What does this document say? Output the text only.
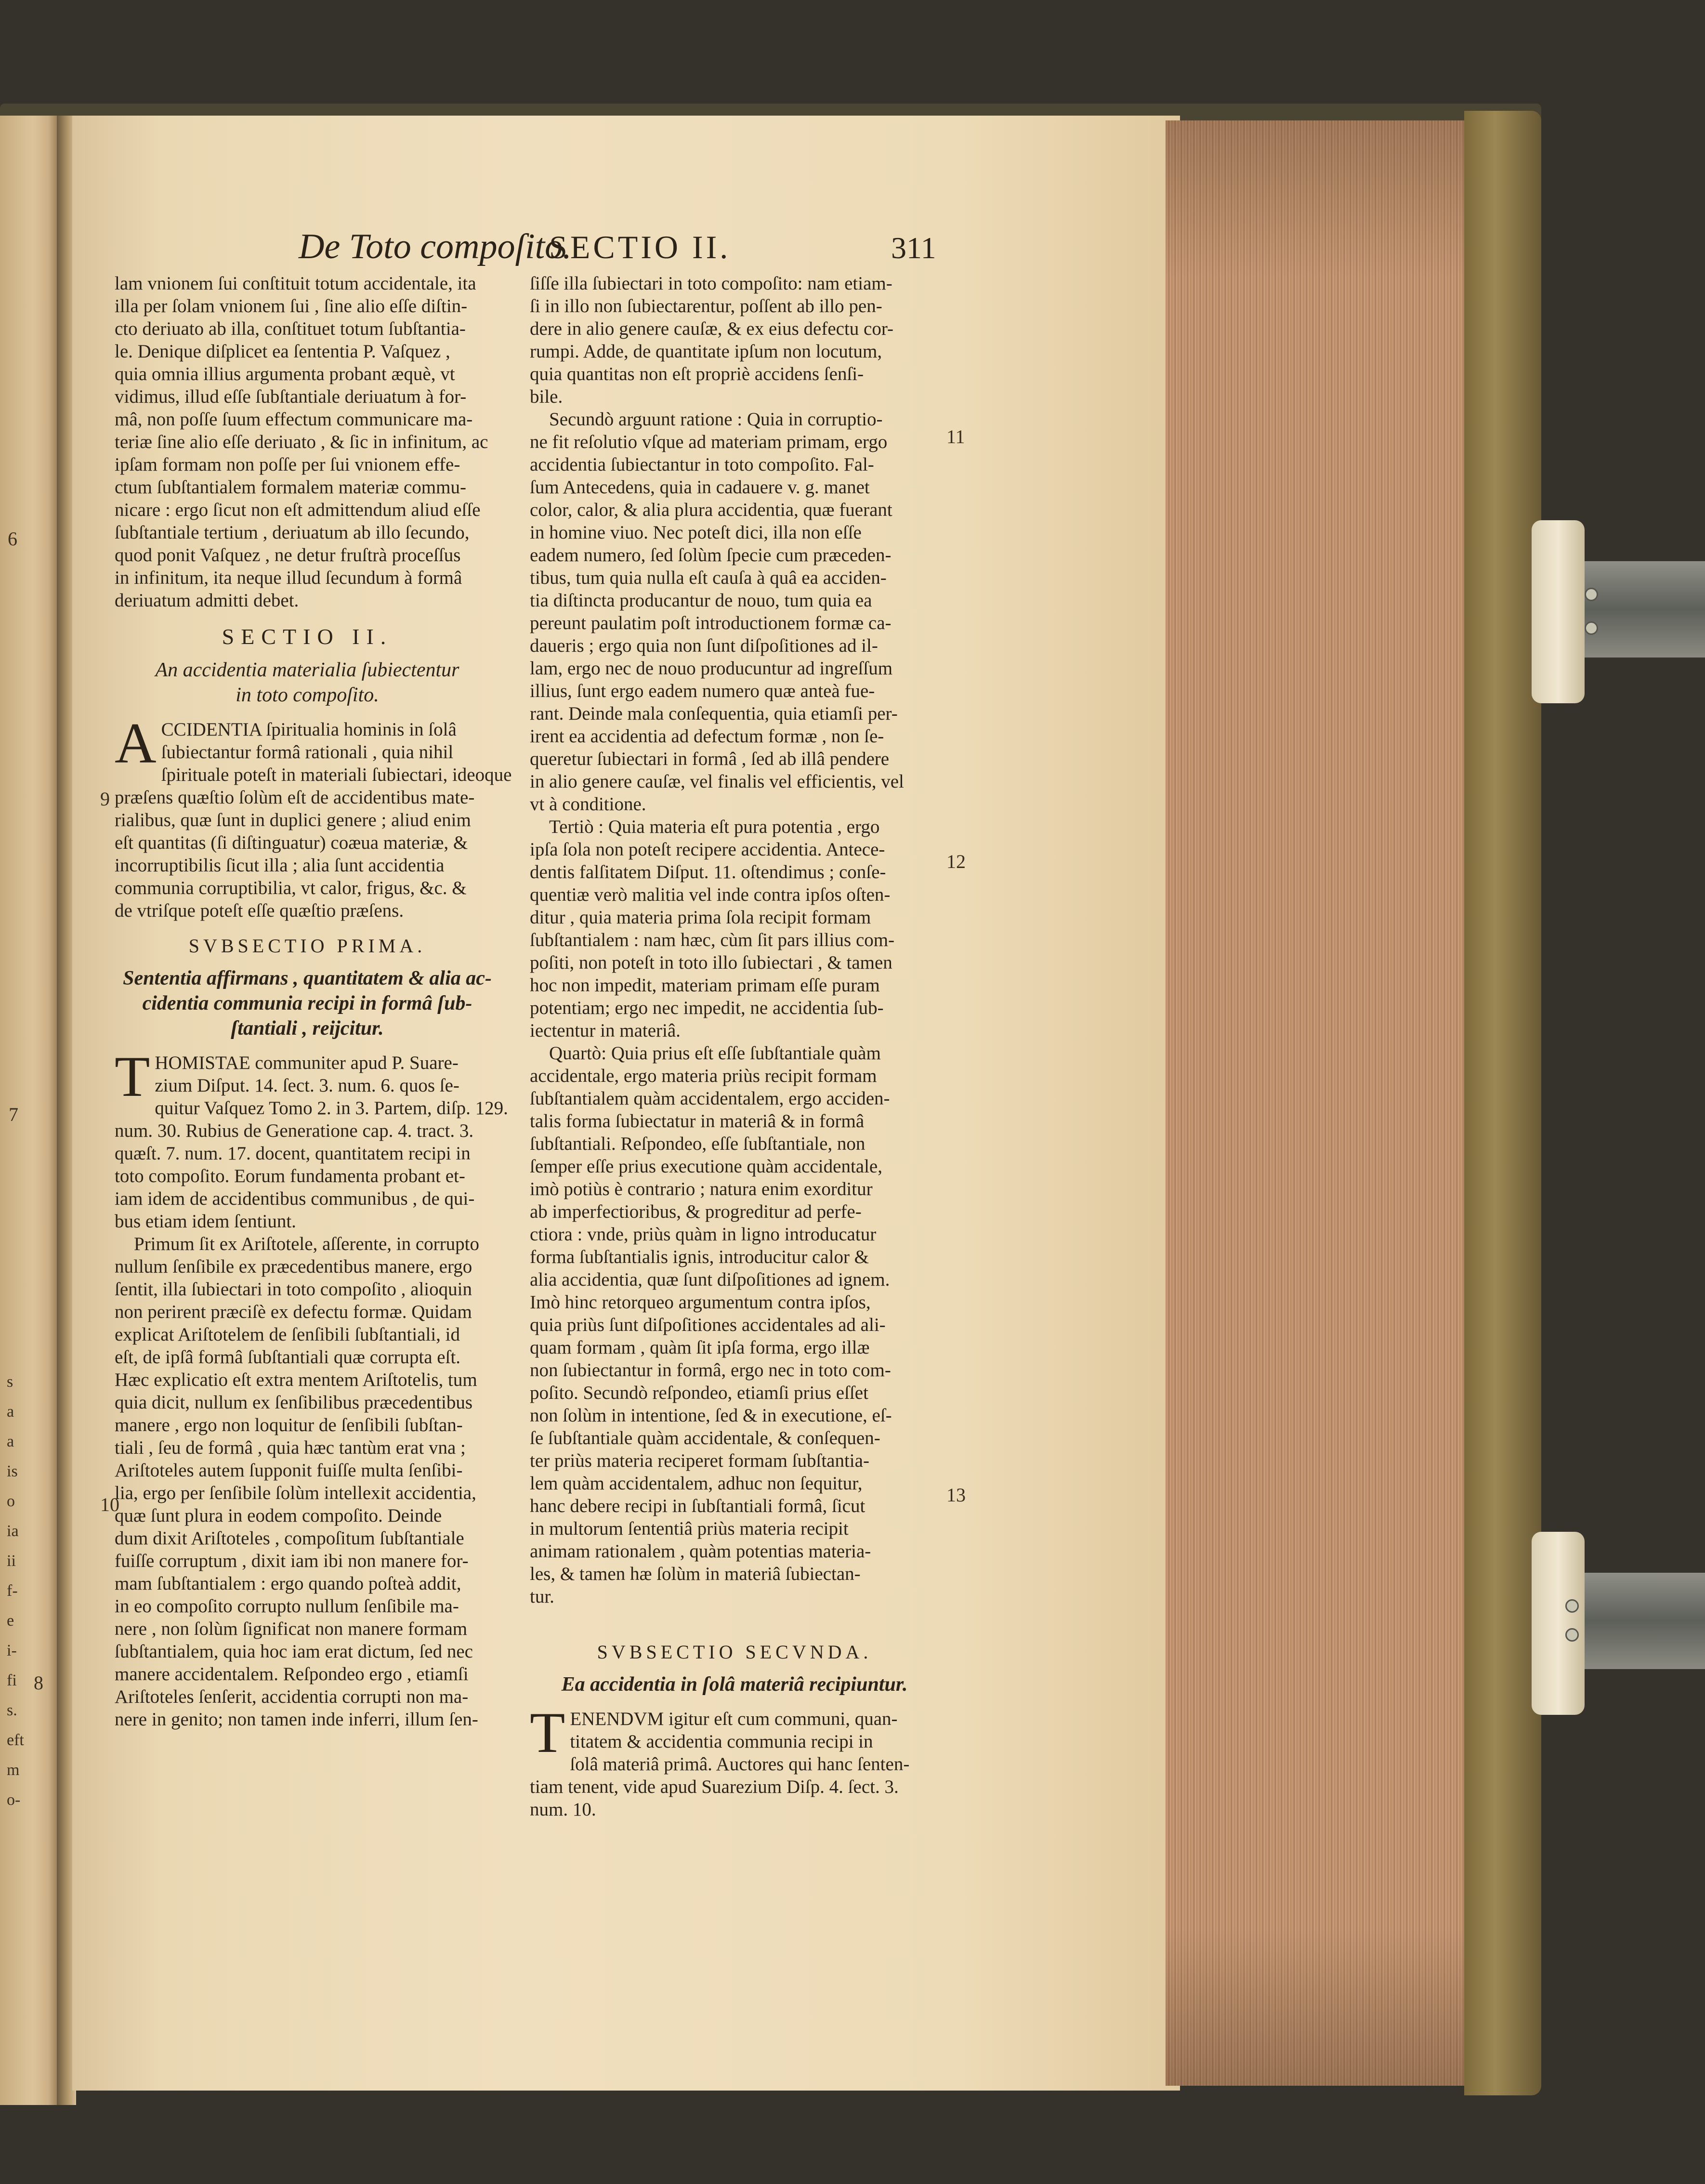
6
7
8
s
a
a
is
o
ia
ii
f-
e
i-
fi
s.
eft
m
o-
De Toto compoſito.
SECTIO II.	311
9
10
11
12
13
lam vnionem ſui conſtituit totum accidentale, ita
illa per ſolam vnionem ſui , ſine alio eſſe diſtin-
cto deriuato ab illa, conſtituet totum ſubſtantia-
le. Denique diſplicet ea ſententia P. Vaſquez ,
quia omnia illius argumenta probant æquè, vt
vidimus, illud eſſe ſubſtantiale deriuatum à for-
mâ, non poſſe ſuum effectum communicare ma-
teriæ ſine alio eſſe deriuato , & ſic in infinitum, ac
ipſam formam non poſſe per ſui vnionem effe-
ctum ſubſtantialem formalem materiæ commu-
nicare : ergo ſicut non eſt admittendum aliud eſſe
ſubſtantiale tertium , deriuatum ab illo ſecundo,
quod ponit Vaſquez , ne detur fruſtrà proceſſus
in infinitum, ita neque illud ſecundum à formâ
deriuatum admitti debet.
SECTIO II.
An accidentia materialia ſubiectentur
in toto compoſito.
A CCIDENTIA ſpiritualia hominis in ſolâ
ſubiectantur formâ rationali , quia nihil
ſpirituale poteſt in materiali ſubiectari, ideoque
præſens quæſtio ſolùm eſt de accidentibus mate-
rialibus, quæ ſunt in duplici genere ; aliud enim
eſt quantitas (ſi diſtinguatur) coæua materiæ, &
incorruptibilis ſicut illa ; alia ſunt accidentia
communia corruptibilia, vt calor, frigus, &c. &
de vtriſque poteſt eſſe quæſtio præſens.
SVBSECTIO PRIMA.
Sententia affirmans , quantitatem & alia ac-
cidentia communia recipi in formâ ſub-
ſtantiali , reijcitur.
T HOMISTAE communiter apud P. Suare-
zium Diſput. 14. ſect. 3. num. 6. quos ſe-
quitur Vaſquez Tomo 2. in 3. Partem, diſp. 129.
num. 30. Rubius de Generatione cap. 4. tract. 3.
quæſt. 7. num. 17. docent, quantitatem recipi in
toto compoſito. Eorum fundamenta probant et-
iam idem de accidentibus communibus , de qui-
bus etiam idem ſentiunt.
Primum ſit ex Ariſtotele, aſſerente, in corrupto
nullum ſenſibile ex præcedentibus manere, ergo
ſentit, illa ſubiectari in toto compoſito , alioquin
non perirent præciſè ex defectu formæ. Quidam
explicat Ariſtotelem de ſenſibili ſubſtantiali, id
eſt, de ipſâ formâ ſubſtantiali quæ corrupta eſt.
Hæc explicatio eſt extra mentem Ariſtotelis, tum
quia dicit, nullum ex ſenſibilibus præcedentibus
manere , ergo non loquitur de ſenſibili ſubſtan-
tiali , ſeu de formâ , quia hæc tantùm erat vna ;
Ariſtoteles autem ſupponit fuiſſe multa ſenſibi-
lia, ergo per ſenſibile ſolùm intellexit accidentia,
quæ ſunt plura in eodem compoſito. Deinde
dum dixit Ariſtoteles , compoſitum ſubſtantiale
fuiſſe corruptum , dixit iam ibi non manere for-
mam ſubſtantialem : ergo quando poſteà addit,
in eo compoſito corrupto nullum ſenſibile ma-
nere , non ſolùm ſignificat non manere formam
ſubſtantialem, quia hoc iam erat dictum, ſed nec
manere accidentalem. Reſpondeo ergo , etiamſi
Ariſtoteles ſenſerit, accidentia corrupti non ma-
nere in genito; non tamen inde inferri, illum ſen-
ſiſſe illa ſubiectari in toto compoſito: nam etiam-
ſi in illo non ſubiectarentur, poſſent ab illo pen-
dere in alio genere cauſæ, & ex eius defectu cor-
rumpi. Adde, de quantitate ipſum non locutum,
quia quantitas non eſt propriè accidens ſenſi-
bile.
Secundò arguunt ratione : Quia in corruptio-
ne fit reſolutio vſque ad materiam primam, ergo
accidentia ſubiectantur in toto compoſito. Fal-
ſum Antecedens, quia in cadauere v. g. manet
color, calor, & alia plura accidentia, quæ fuerant
in homine viuo. Nec poteſt dici, illa non eſſe
eadem numero, ſed ſolùm ſpecie cum præceden-
tibus, tum quia nulla eſt cauſa à quâ ea acciden-
tia diſtincta producantur de nouo, tum quia ea
pereunt paulatim poſt introductionem formæ ca-
daueris ; ergo quia non ſunt diſpoſitiones ad il-
lam, ergo nec de nouo producuntur ad ingreſſum
illius, ſunt ergo eadem numero quæ anteà fue-
rant. Deinde mala conſequentia, quia etiamſi per-
irent ea accidentia ad defectum formæ , non ſe-
queretur ſubiectari in formâ , ſed ab illâ pendere
in alio genere cauſæ, vel finalis vel efficientis, vel
vt à conditione.
Tertiò : Quia materia eſt pura potentia , ergo
ipſa ſola non poteſt recipere accidentia. Antece-
dentis falſitatem Diſput. 11. oſtendimus ; conſe-
quentiæ verò malitia vel inde contra ipſos oſten-
ditur , quia materia prima ſola recipit formam
ſubſtantialem : nam hæc, cùm ſit pars illius com-
poſiti, non poteſt in toto illo ſubiectari , & tamen
hoc non impedit, materiam primam eſſe puram
potentiam; ergo nec impedit, ne accidentia ſub-
iectentur in materiâ.
Quartò: Quia prius eſt eſſe ſubſtantiale quàm
accidentale, ergo materia priùs recipit formam
ſubſtantialem quàm accidentalem, ergo acciden-
talis forma ſubiectatur in materiâ & in formâ
ſubſtantiali. Reſpondeo, eſſe ſubſtantiale, non
ſemper eſſe prius executione quàm accidentale,
imò potiùs è contrario ; natura enim exorditur
ab imperfectioribus, & progreditur ad perfe-
ctiora : vnde, priùs quàm in ligno introducatur
forma ſubſtantialis ignis, introducitur calor &
alia accidentia, quæ ſunt diſpoſitiones ad ignem.
Imò hinc retorqueo argumentum contra ipſos,
quia priùs ſunt diſpoſitiones accidentales ad ali-
quam formam , quàm ſit ipſa forma, ergo illæ
non ſubiectantur in formâ, ergo nec in toto com-
poſito. Secundò reſpondeo, etiamſi prius eſſet
non ſolùm in intentione, ſed & in executione, eſ-
ſe ſubſtantiale quàm accidentale, & conſequen-
ter priùs materia reciperet formam ſubſtantia-
lem quàm accidentalem, adhuc non ſequitur,
hanc debere recipi in ſubſtantiali formâ, ſicut
in multorum ſententiâ priùs materia recipit
animam rationalem , quàm potentias materia-
les, & tamen hæ ſolùm in materiâ ſubiectan-
tur.
SVBSECTIO SECVNDA.
Ea accidentia in ſolâ materiâ recipiuntur.
T ENENDVM igitur eſt cum communi, quan-
titatem & accidentia communia recipi in
ſolâ materiâ primâ. Auctores qui hanc ſenten-
tiam tenent, vide apud Suarezium Diſp. 4. ſect. 3.
num. 10.
